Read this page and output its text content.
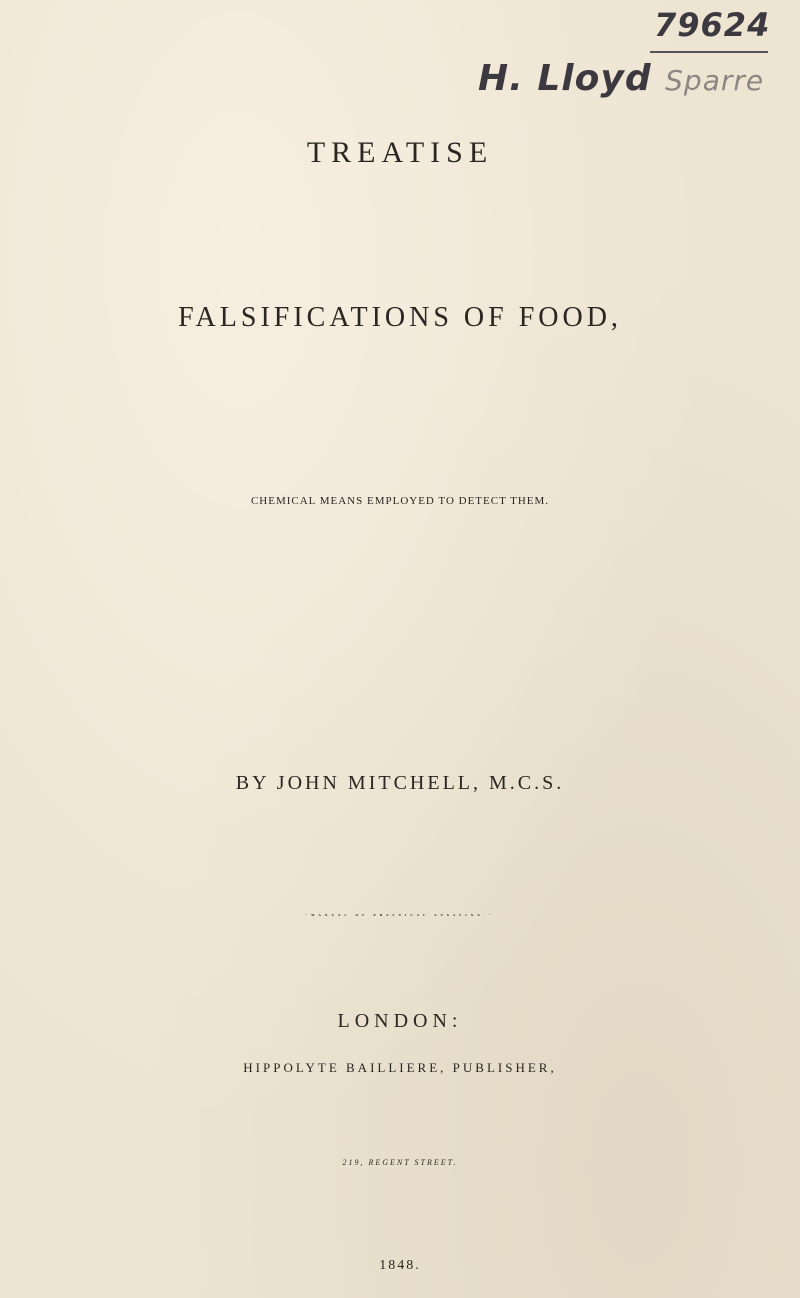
79624
H. Lloyd Sparre
TREATISE
FALSIFICATIONS OF FOOD,
CHEMICAL MEANS EMPLOYED TO DETECT THEM.
BY JOHN MITCHELL, M.C.S.
“MANUAL OF PRACTICAL ASSAYING.”
LONDON:
HIPPOLYTE BAILLIERE, PUBLISHER,
219, REGENT STREET.
1848.
